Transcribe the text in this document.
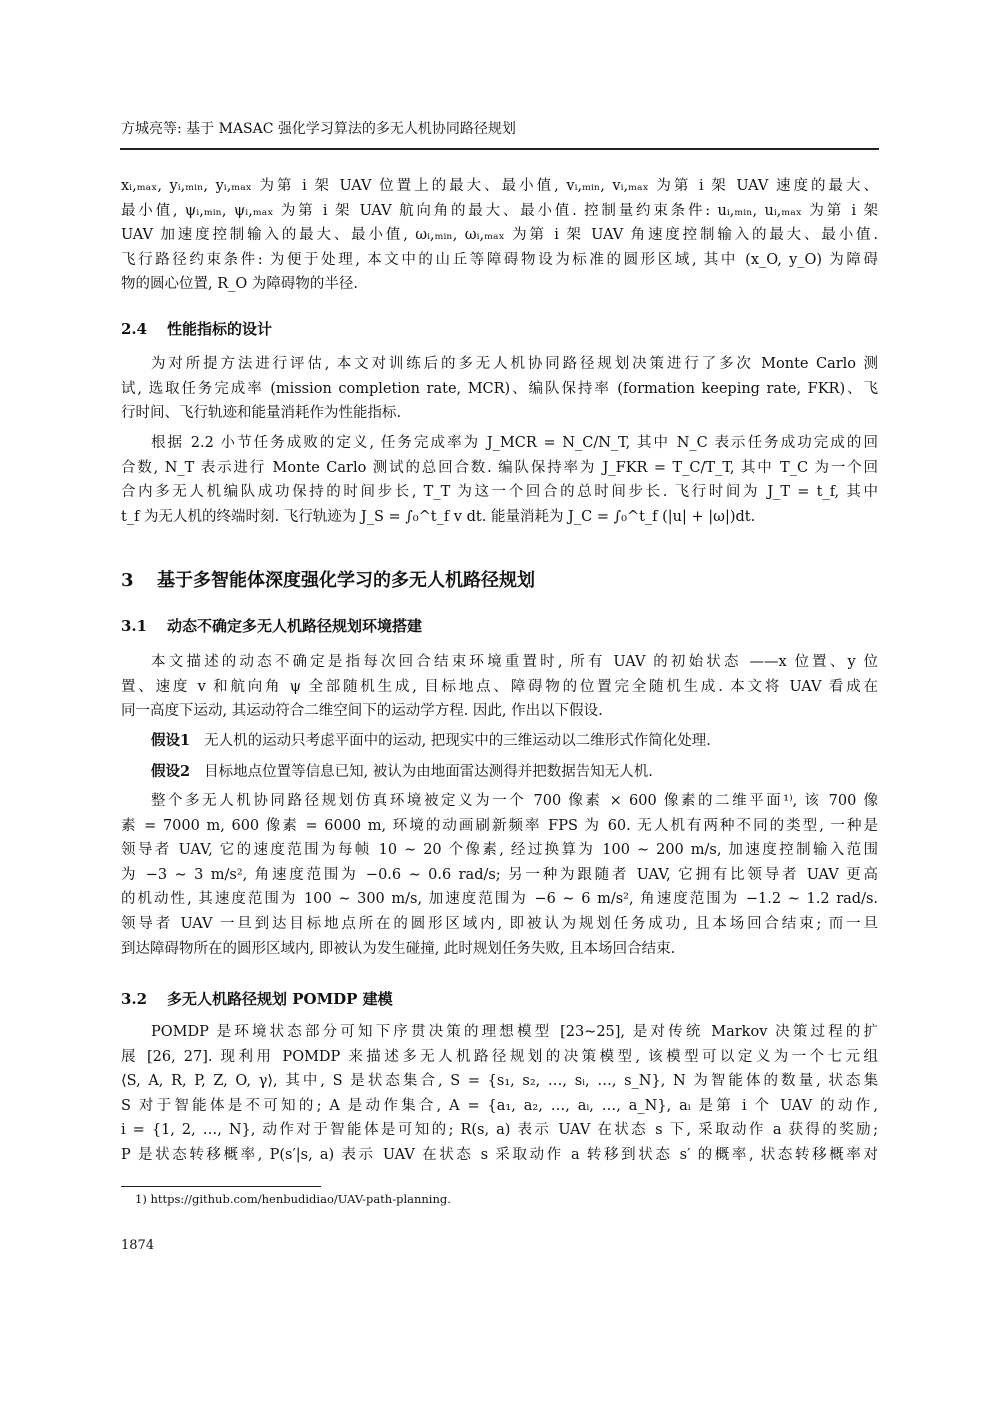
方城亮等: 基于 MASAC 强化学习算法的多无人机协同路径规划
xᵢ,ₘₐₓ, yᵢ,ₘᵢₙ, yᵢ,ₘₐₓ 为第 i 架 UAV 位置上的最大、最小值, vᵢ,ₘᵢₙ, vᵢ,ₘₐₓ 为第 i 架 UAV 速度的最大、
最小值, ψᵢ,ₘᵢₙ, ψᵢ,ₘₐₓ 为第 i 架 UAV 航向角的最大、最小值. 控制量约束条件: uᵢ,ₘᵢₙ, uᵢ,ₘₐₓ 为第 i 架
UAV 加速度控制输入的最大、最小值, ωᵢ,ₘᵢₙ, ωᵢ,ₘₐₓ 为第 i 架 UAV 角速度控制输入的最大、最小值.
飞行路径约束条件: 为便于处理, 本文中的山丘等障碍物设为标准的圆形区域, 其中 (x_O, y_O) 为障碍
物的圆心位置, R_O 为障碍物的半径.
2.4 性能指标的设计
为对所提方法进行评估, 本文对训练后的多无人机协同路径规划决策进行了多次 Monte Carlo 测
试, 选取任务完成率 (mission completion rate, MCR)、编队保持率 (formation keeping rate, FKR)、飞
行时间、飞行轨迹和能量消耗作为性能指标.
根据 2.2 小节任务成败的定义, 任务完成率为 J_MCR = N_C/N_T, 其中 N_C 表示任务成功完成的回
合数, N_T 表示进行 Monte Carlo 测试的总回合数. 编队保持率为 J_FKR = T_C/T_T, 其中 T_C 为一个回
合内多无人机编队成功保持的时间步长, T_T 为这一个回合的总时间步长. 飞行时间为 J_T = t_f, 其中
t_f 为无人机的终端时刻. 飞行轨迹为 J_S = ∫₀^t_f v dt. 能量消耗为 J_C = ∫₀^t_f (|u| + |ω|)dt.
3 基于多智能体深度强化学习的多无人机路径规划
3.1 动态不确定多无人机路径规划环境搭建
本文描述的动态不确定是指每次回合结束环境重置时, 所有 UAV 的初始状态 ——x 位置、y 位
置、速度 v 和航向角 ψ 全部随机生成, 目标地点、障碍物的位置完全随机生成. 本文将 UAV 看成在
同一高度下运动, 其运动符合二维空间下的运动学方程. 因此, 作出以下假设.
假设1 无人机的运动只考虑平面中的运动, 把现实中的三维运动以二维形式作简化处理.
假设2 目标地点位置等信息已知, 被认为由地面雷达测得并把数据告知无人机.
整个多无人机协同路径规划仿真环境被定义为一个 700 像素 × 600 像素的二维平面¹⁾, 该 700 像
素 = 7000 m, 600 像素 = 6000 m, 环境的动画刷新频率 FPS 为 60. 无人机有两种不同的类型, 一种是
领导者 UAV, 它的速度范围为每帧 10 ∼ 20 个像素, 经过换算为 100 ∼ 200 m/s, 加速度控制输入范围
为 −3 ∼ 3 m/s², 角速度范围为 −0.6 ∼ 0.6 rad/s; 另一种为跟随者 UAV, 它拥有比领导者 UAV 更高
的机动性, 其速度范围为 100 ∼ 300 m/s, 加速度范围为 −6 ∼ 6 m/s², 角速度范围为 −1.2 ∼ 1.2 rad/s.
领导者 UAV 一旦到达目标地点所在的圆形区域内, 即被认为规划任务成功, 且本场回合结束; 而一旦
到达障碍物所在的圆形区域内, 即被认为发生碰撞, 此时规划任务失败, 且本场回合结束.
3.2 多无人机路径规划 POMDP 建模
POMDP 是环境状态部分可知下序贯决策的理想模型 [23∼25], 是对传统 Markov 决策过程的扩
展 [26, 27]. 现利用 POMDP 来描述多无人机路径规划的决策模型, 该模型可以定义为一个七元组
⟨S, A, R, P, Z, O, γ⟩, 其中, S 是状态集合, S = {s₁, s₂, …, sᵢ, …, s_N}, N 为智能体的数量, 状态集
S 对于智能体是不可知的; A 是动作集合, A = {a₁, a₂, …, aᵢ, …, a_N}, aᵢ 是第 i 个 UAV 的动作,
i = {1, 2, …, N}, 动作对于智能体是可知的; R(s, a) 表示 UAV 在状态 s 下, 采取动作 a 获得的奖励;
P 是状态转移概率, P(s′|s, a) 表示 UAV 在状态 s 采取动作 a 转移到状态 s′ 的概率, 状态转移概率对
1) https://github.com/henbudidiao/UAV-path-planning.
1874
